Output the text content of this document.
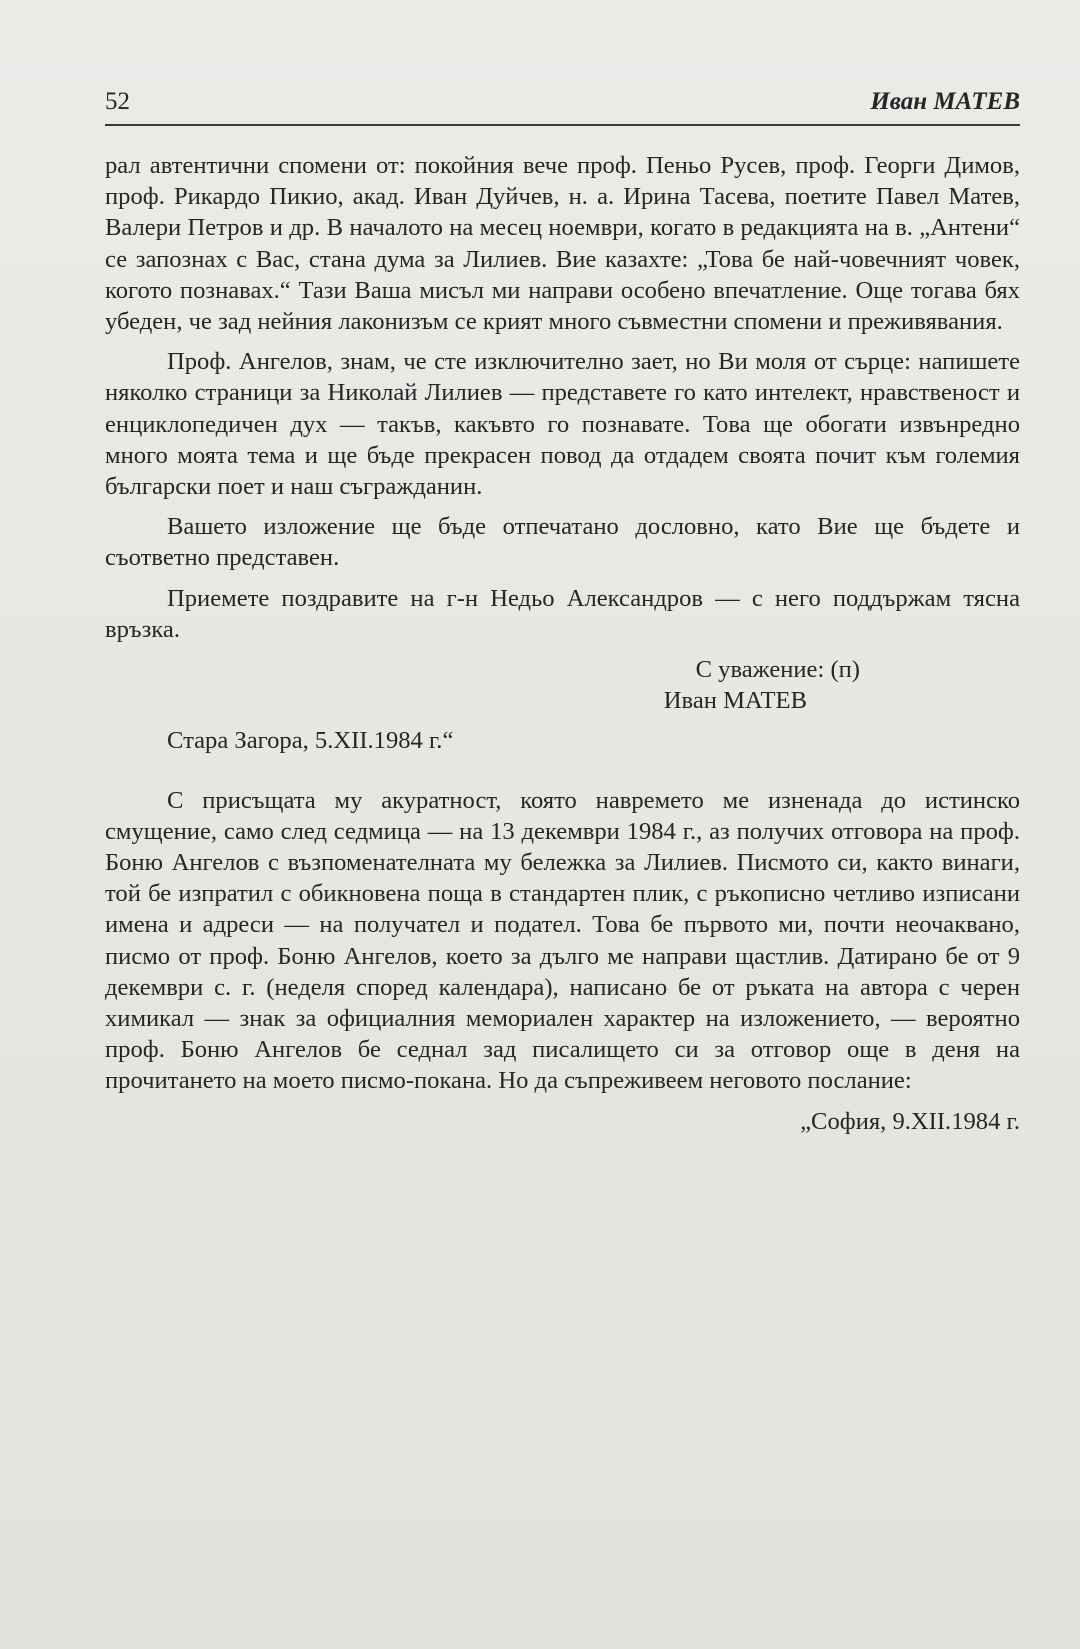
52	Иван МАТЕВ

рал автентични спомени от: покойния вече проф. Пеньо Русев, проф. Георги Димов, проф. Рикардо Пикио, акад. Иван Дуйчев, н. а. Ирина Тасева, поетите Павел Матев, Валери Петров и др. В началото на месец ноември, когато в редакцията на в. „Антени“ се запознах с Вас, стана дума за Лилиев. Вие казахте: „Това бе най-човечният човек, когото познавах.“ Тази Ваша мисъл ми направи особено впечатление. Още тогава бях убеден, че зад нейния лаконизъм се крият много съвместни спомени и преживявания.

Проф. Ангелов, знам, че сте изключително зает, но Ви моля от сърце: напишете няколко страници за Николай Лилиев — представете го като интелект, нравственост и енциклопедичен дух — такъв, какъвто го познавате. Това ще обогати извънредно много моята тема и ще бъде прекрасен повод да отдадем своята почит към големия български поет и наш съгражданин.

Вашето изложение ще бъде отпечатано дословно, като Вие ще бъдете и съответно представен.

Приемете поздравите на г-н Недьо Александров — с него поддържам тясна връзка.

С уважение: (п)

Иван МАТЕВ

Стара Загора, 5.XII.1984 г.“

С присъщата му акуратност, която навремето ме изненада до истинско смущение, само след седмица — на 13 декември 1984 г., аз получих отговора на проф. Боню Ангелов с възпоменателната му бележка за Лилиев. Писмото си, както винаги, той бе изпратил с обикновена поща в стандартен плик, с ръкописно четливо изписани имена и адреси — на получател и подател. Това бе първото ми, почти неочаквано, писмо от проф. Боню Ангелов, което за дълго ме направи щастлив. Датирано бе от 9 декември с. г. (неделя според календара), написано бе от ръката на автора с черен химикал — знак за официалния мемориален характер на изложението, — вероятно проф. Боню Ангелов бе седнал зад писалището си за отговор още в деня на прочитането на моето писмо-покана. Но да съпреживеем неговото послание:

„София, 9.XII.1984 г.
